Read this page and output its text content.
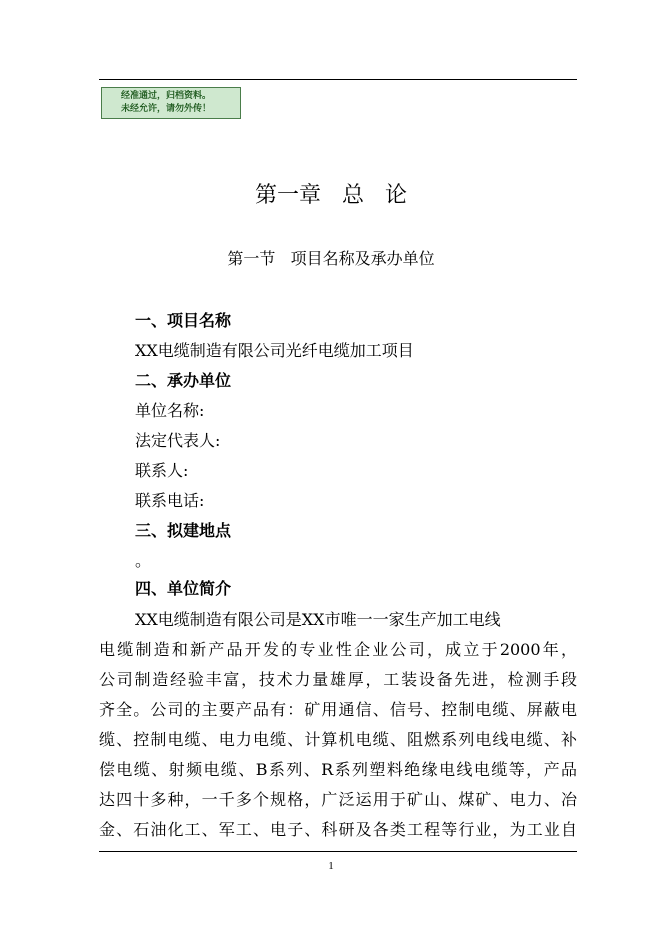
经准通过，归档资料。
未经允许，请勿外传！
第一章   总   论
第一节   项目名称及承办单位
一、项目名称
XX电缆制造有限公司光纤电缆加工项目
二、承办单位
单位名称:
法定代表人:
联系人:
联系电话:
三、拟建地点
。
四、单位简介

XX电缆制造有限公司是XX市唯一一家生产加工电线
电缆制造和新产品开发的专业性企业公司，成立于2000年，
公司制造经验丰富，技术力量雄厚，工装设备先进，检测手段
齐全。公司的主要产品有：矿用通信、信号、控制电缆、屏蔽电
缆、控制电缆、电力电缆、计算机电缆、阻燃系列电线电缆、补
偿电缆、射频电缆、B系列、R系列塑料绝缘电线电缆等，产品
达四十多种，一千多个规格，广泛运用于矿山、煤矿、电力、冶
金、石油化工、军工、电子、科研及各类工程等行业，为工业自

1
